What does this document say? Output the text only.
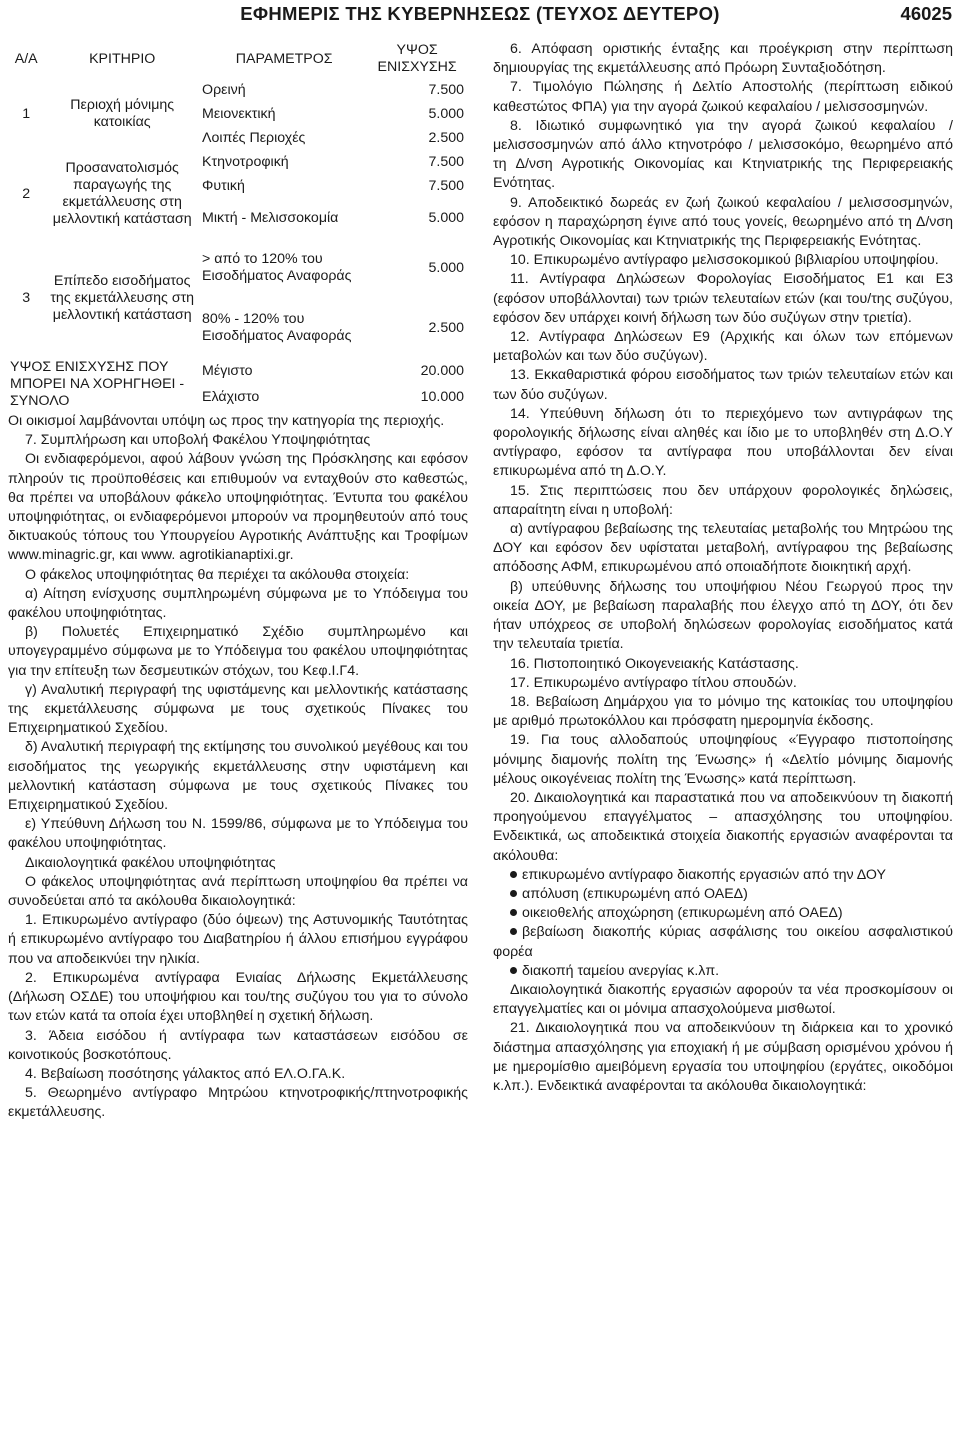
ΕΦΗΜΕΡΙΣ ΤΗΣ ΚΥΒΕΡΝΗΣΕΩΣ (ΤΕΥΧΟΣ ΔΕΥΤΕΡΟ)	46025
Α/Α	ΚΡΙΤΗΡΙΟ	ΠΑΡΑΜΕΤΡΟΣ	ΥΨΟΣ ΕΝΙΣΧΥΣΗΣ
1	Περιοχή μόνιμης κατοικίας	Ορεινή	7.500
		Μειονεκτική	5.000
		Λοιπές Περιοχές	2.500
2	Προσανατολισμός παραγωγής της εκμετάλλευσης στη μελλοντική κατάσταση	Κτηνοτροφική	7.500
		Φυτική	7.500
		Μικτή - Μελισσοκομία	5.000
3	Επίπεδο εισοδήματος της εκμετάλλευσης στη μελλοντική κατάσταση	> από το 120% του Εισοδήματος Αναφοράς	5.000
		80% - 120% του Εισοδήματος Αναφοράς	2.500
ΥΨΟΣ ΕΝΙΣΧΥΣΗΣ ΠΟΥ ΜΠΟΡΕΙ ΝΑ ΧΟΡΗΓΗΘΕΙ - ΣΥΝΟΛΟ		Μέγιστο	20.000
		Ελάχιστο	10.000

Οι οικισμοί λαμβάνονται υπόψη ως προς την κατηγορία της περιοχής.

7. Συμπλήρωση και υποβολή Φακέλου Υποψηφιότητας

Οι ενδιαφερόμενοι, αφού λάβουν γνώση της Πρόσκλησης και εφόσον πληρούν τις προϋποθέσεις και επιθυμούν να ενταχθούν στο καθεστώς, θα πρέπει να υποβάλουν φάκελο υποψηφιότητας. Έντυπα του φακέλου υποψηφιότητας, οι ενδιαφερόμενοι μπορούν να προμηθευτούν από τους δικτυακούς τόπους του Υπουργείου Αγροτικής Ανάπτυξης και Τροφίμων www.minagric.gr, και www. agrotikianaptixi.gr.

Ο φάκελος υποψηφιότητας θα περιέχει τα ακόλουθα στοιχεία:

α) Αίτηση ενίσχυσης συμπληρωμένη σύμφωνα με το Υπόδειγμα του φακέλου υποψηφιότητας.

β) Πολυετές Επιχειρηματικό Σχέδιο συμπληρωμένο και υπογεγραμμένο σύμφωνα με το Υπόδειγμα του φακέλου υποψηφιότητας για την επίτευξη των δεσμευτικών στόχων, του Κεφ.Ι.Γ4.

γ) Αναλυτική περιγραφή της υφιστάμενης και μελλοντικής κατάστασης της εκμετάλλευσης σύμφωνα με τους σχετικούς Πίνακες του Επιχειρηματικού Σχεδίου.

δ) Αναλυτική περιγραφή της εκτίμησης του συνολικού μεγέθους και του εισοδήματος της γεωργικής εκμετάλλευσης στην υφιστάμενη και μελλοντική κατάσταση σύμφωνα με τους σχετικούς Πίνακες του Επιχειρηματικού Σχεδίου.

ε) Υπεύθυνη Δήλωση του Ν. 1599/86, σύμφωνα με το Υπόδειγμα του φακέλου υποψηφιότητας.

Δικαιολογητικά φακέλου υποψηφιότητας

Ο φάκελος υποψηφιότητας ανά περίπτωση υποψηφίου θα πρέπει να συνοδεύεται από τα ακόλουθα δικαιολογητικά:

1. Επικυρωμένο αντίγραφο (δύο όψεων) της Αστυνομικής Ταυτότητας ή επικυρωμένο αντίγραφο του Διαβατηρίου ή άλλου επισήμου εγγράφου που να αποδεικνύει την ηλικία.

2. Επικυρωμένα αντίγραφα Ενιαίας Δήλωσης Εκμετάλλευσης (Δήλωση ΟΣΔΕ) του υποψήφιου και του/της συζύγου του για το σύνολο των ετών κατά τα οποία έχει υποβληθεί η σχετική δήλωση.

3. Άδεια εισόδου ή αντίγραφα των καταστάσεων εισόδου σε κοινοτικούς βοσκοτόπους.

4. Βεβαίωση ποσότησης γάλακτος από ΕΛ.Ο.ΓΑ.Κ.

5. Θεωρημένο αντίγραφο Μητρώου κτηνοτροφικής/πτηνοτροφικής εκμετάλλευσης.

6. Απόφαση οριστικής ένταξης και προέγκριση στην περίπτωση δημιουργίας της εκμετάλλευσης από Πρόωρη Συνταξιοδότηση.

7. Τιμολόγιο Πώλησης ή Δελτίο Αποστολής (περίπτωση ειδικού καθεστώτος ΦΠΑ) για την αγορά ζωικού κεφαλαίου / μελισσοσμηνών.

8. Ιδιωτικό συμφωνητικό για την αγορά ζωικού κεφαλαίου / μελισσοσμηνών από άλλο κτηνοτρόφο / μελισσοκόμο, θεωρημένο από τη Δ/νση Αγροτικής Οικονομίας και Κτηνιατρικής της Περιφερειακής Ενότητας.

9. Αποδεικτικό δωρεάς εν ζωή ζωικού κεφαλαίου / μελισσοσμηνών, εφόσον η παραχώρηση έγινε από τους γονείς, θεωρημένο από τη Δ/νση Αγροτικής Οικονομίας και Κτηνιατρικής της Περιφερειακής Ενότητας.

10. Επικυρωμένο αντίγραφο μελισσοκομικού βιβλιαρίου υποψηφίου.

11. Αντίγραφα Δηλώσεων Φορολογίας Εισοδήματος Ε1 και Ε3 (εφόσον υποβάλλονται) των τριών τελευταίων ετών (και του/της συζύγου, εφόσον δεν υπάρχει κοινή δήλωση των δύο συζύγων στην τριετία).

12. Αντίγραφα Δηλώσεων Ε9 (Αρχικής και όλων των επόμενων μεταβολών και των δύο συζύγων).

13. Εκκαθαριστικά φόρου εισοδήματος των τριών τελευταίων ετών και των δύο συζύγων.

14. Υπεύθυνη δήλωση ότι το περιεχόμενο των αντιγράφων της φορολογικής δήλωσης είναι αληθές και ίδιο με το υποβληθέν στη Δ.Ο.Υ αντίγραφο, εφόσον τα αντίγραφα που υποβάλλονται δεν είναι επικυρωμένα από τη Δ.Ο.Υ.

15. Στις περιπτώσεις που δεν υπάρχουν φορολογικές δηλώσεις, απαραίτητη είναι η υποβολή:

α) αντίγραφου βεβαίωσης της τελευταίας μεταβολής του Μητρώου της ΔΟΥ και εφόσον δεν υφίσταται μεταβολή, αντίγραφου της βεβαίωσης απόδοσης ΑΦΜ, επικυρωμένου από οποιαδήποτε διοικητική αρχή.

β) υπεύθυνης δήλωσης του υποψήφιου Νέου Γεωργού προς την οικεία ΔΟΥ, με βεβαίωση παραλαβής που έλεγχο από τη ΔΟΥ, ότι δεν ήταν υπόχρεος σε υποβολή δηλώσεων φορολογίας εισοδήματος κατά την τελευταία τριετία.

16. Πιστοποιητικό Οικογενειακής Κατάστασης.

17. Επικυρωμένο αντίγραφο τίτλου σπουδών.

18. Βεβαίωση Δημάρχου για το μόνιμο της κατοικίας του υποψηφίου με αριθμό πρωτοκόλλου και πρόσφατη ημερομηνία έκδοσης.

19. Για τους αλλοδαπούς υποψηφίους «Έγγραφο πιστοποίησης μόνιμης διαμονής πολίτη της Ένωσης» ή «Δελτίο μόνιμης διαμονής μέλους οικογένειας πολίτη της Ένωσης» κατά περίπτωση.

20. Δικαιολογητικά και παραστατικά που να αποδεικνύουν τη διακοπή προηγούμενου επαγγέλματος – απασχόλησης του υποψηφίου. Ενδεικτικά, ως αποδεικτικά στοιχεία διακοπής εργασιών αναφέρονται τα ακόλουθα:

επικυρωμένο αντίγραφο διακοπής εργασιών από την ΔΟΥ

απόλυση (επικυρωμένη από ΟΑΕΔ)

οικειοθελής αποχώρηση (επικυρωμένη από ΟΑΕΔ)

βεβαίωση διακοπής κύριας ασφάλισης του οικείου ασφαλιστικού φορέα

διακοπή ταμείου ανεργίας κ.λπ.

Δικαιολογητικά διακοπής εργασιών αφορούν τα νέα προσκομίσουν οι επαγγελματίες και οι μόνιμα απασχολούμενα μισθωτοί.

21. Δικαιολογητικά που να αποδεικνύουν τη διάρκεια και το χρονικό διάστημα απασχόλησης για εποχιακή ή με σύμβαση ορισμένου χρόνου ή με ημερομίσθιο αμειβόμενη εργασία του υποψηφίου (εργάτες, οικοδόμοι κ.λπ.). Ενδεικτικά αναφέρονται τα ακόλουθα δικαιολογητικά:
